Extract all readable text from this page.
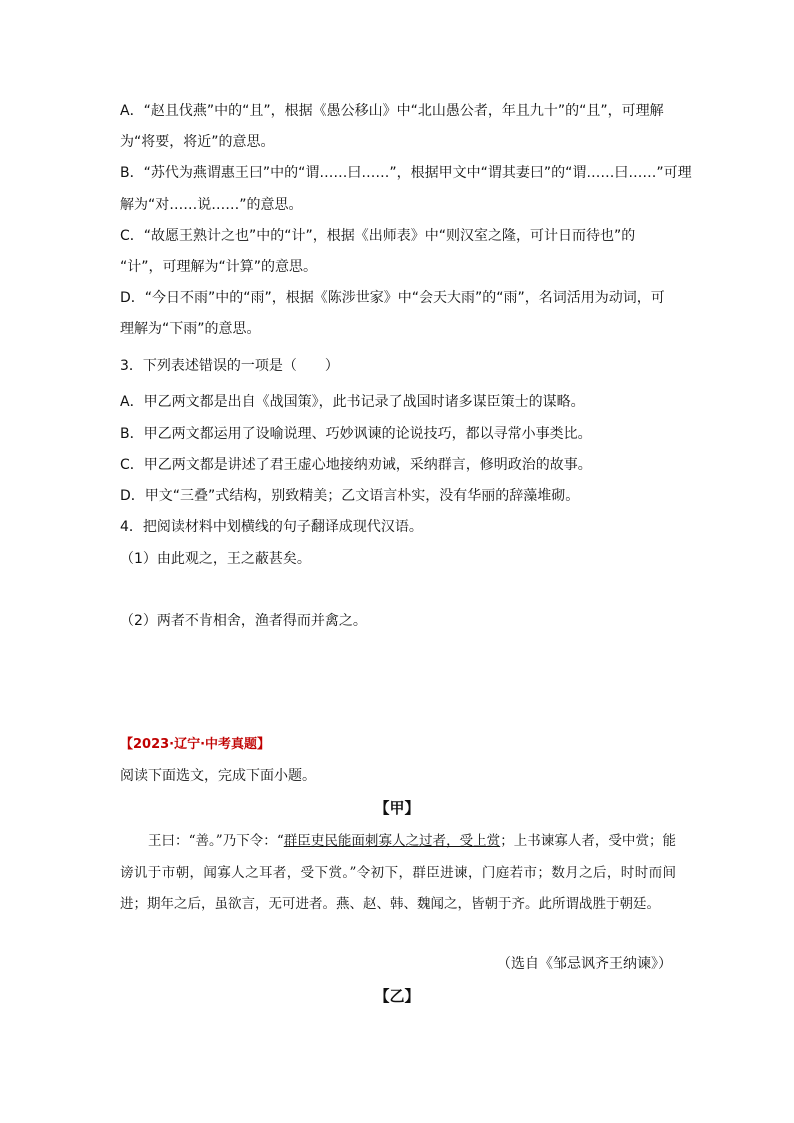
A．“赵且伐燕”中的“且”，根据《愚公移山》中“北山愚公者，年且九十”的“且”，可理解
为“将要，将近”的意思。
B．“苏代为燕谓惠王曰”中的“谓……曰……”，根据甲文中“谓其妻曰”的“谓……曰……”可理
解为“对……说……”的意思。
C．“故愿王熟计之也”中的“计”，根据《出师表》中“则汉室之隆，可计日而待也”的
“计”，可理解为“计算”的意思。
D．“今日不雨”中的“雨”，根据《陈涉世家》中“会天大雨”的“雨”，名词活用为动词，可
理解为“下雨”的意思。
3．下列表述错误的一项是（　　）
A．甲乙两文都是出自《战国策》，此书记录了战国时诸多谋臣策士的谋略。
B．甲乙两文都运用了设喻说理、巧妙讽谏的论说技巧，都以寻常小事类比。
C．甲乙两文都是讲述了君王虚心地接纳劝诫，采纳群言，修明政治的故事。
D．甲文“三叠”式结构，别致精美；乙文语言朴实，没有华丽的辞藻堆砌。
4．把阅读材料中划横线的句子翻译成现代汉语。
（1）由此观之，王之蔽甚矣。
（2）两者不肯相舍，渔者得而并禽之。
【2023·辽宁·中考真题】
阅读下面选文，完成下面小题。
【甲】
王曰：“善。”乃下令：“群臣吏民能面刺寡人之过者，受上赏；上书谏寡人者，受中赏；能谤讥于市朝，闻寡人之耳者，受下赏。”令初下，群臣进谏，门庭若市；数月之后，时时而间进；期年之后，虽欲言，无可进者。燕、赵、韩、魏闻之，皆朝于齐。此所谓战胜于朝廷。
（选自《邹忌讽齐王纳谏》）
【乙】
